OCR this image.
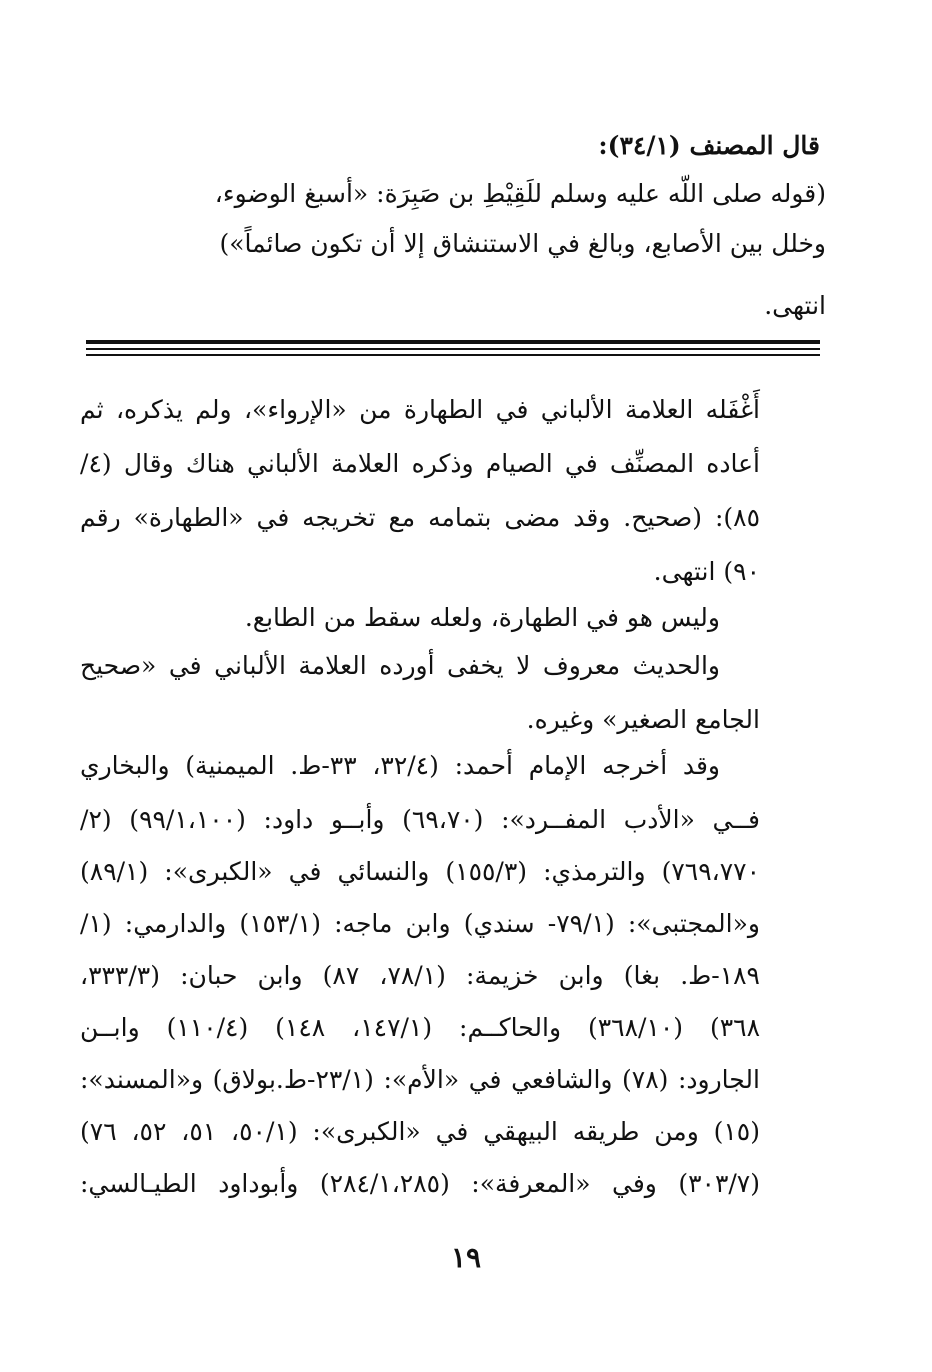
قال المصنف (٣٤/١):
(قوله صلى اللّه عليه وسلم للَقِيْطِ بن صَبِرَة: «أسبغ الوضوء،
وخلل بين الأصابع، وبالغ في الاستنشاق إلا أن تكون صائماً»)
انتهى.
أَغْفَله العلامة الألباني في الطهارة من «الإرواء»، ولم يذكره، ثم
أعاده المصنِّف في الصيام وذكره العلامة الألباني هناك وقال (٤/
٨٥): (صحيح. وقد مضى بتمامه مع تخريجه في «الطهارة» رقم
٩٠) انتهى.
وليس هو في الطهارة، ولعله سقط من الطابع.
والحديث معروف لا يخفى أورده العلامة الألباني في «صحيح
الجامع الصغير» وغيره.
وقد أخرجه الإمام أحمد: (٣٢/٤، ٣٣-ط. الميمنية) والبخاري
فــي «الأدب المفــرد»: (٦٩،٧٠) وأبــو داود: (٩٩/١،١٠٠) (٢/
٧٦٩،٧٧٠) والترمذي: (١٥٥/٣) والنسائي في «الكبرى»: (٨٩/١)
و«المجتبى»: (٧٩/١- سندي) وابن ماجه: (١٥٣/١) والدارمي: (١/
١٨٩-ط. بغا) وابن خزيمة: (٧٨/١، ٨٧) وابن حبان: (٣٣٣/٣،
٣٦٨) (٣٦٨/١٠) والحاكــم: (١٤٧/١، ١٤٨) (١١٠/٤) وابــن
الجارود: (٧٨) والشافعي في «الأم»: (٢٣/١-ط.بولاق) و«المسند»:
(١٥) ومن طريقه البيهقي في «الكبرى»: (٥٠/١، ٥١، ٥٢، ٧٦)
(٣٠٣/٧) وفي «المعرفة»: (٢٨٤/١،٢٨٥) وأبوداود الطيـالسي:
١٩
